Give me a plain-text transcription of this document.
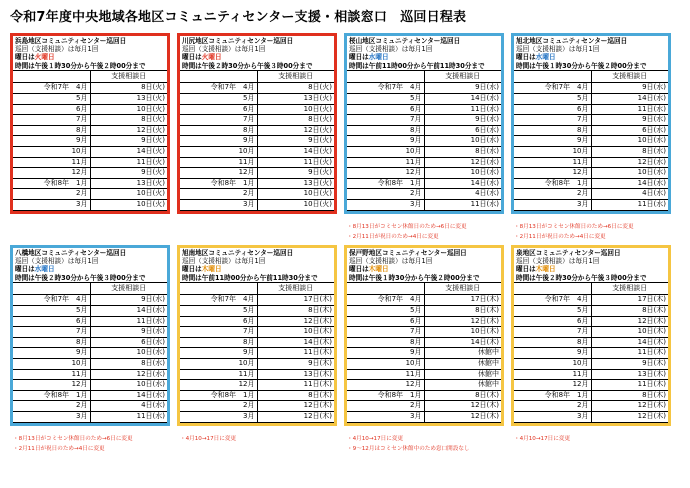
令和7年度中央地域各地区コミュニティセンター支援・相談窓口　巡回日程表
浜島地区コミュニティセンター巡回日
巡回（支援相談）は毎月1回
曜日は火曜日
時間は午後１時30分から午後２時00分まで
	支援相談日
令和7年　4月	8日(火)
5月	13日(火)
6月	10日(火)
7月	8日(火)
8月	12日(火)
9月	9日(火)
10月	14日(火)
11月	11日(火)
12月	9日(火)
令和8年　1月	13日(火)
2月	10日(火)
3月	10日(火)
川尻地区コミュニティセンター巡回日
巡回（支援相談）は毎月1回
曜日は火曜日
時間は午後２時30分から午後３時00分まで
	支援相談日
令和7年　4月	8日(火)
5月	13日(火)
6月	10日(火)
7月	8日(火)
8月	12日(火)
9月	9日(火)
10月	14日(火)
11月	11日(火)
12月	9日(火)
令和8年　1月	13日(火)
2月	10日(火)
3月	10日(火)
桜山地区コミュニティセンター巡回日
巡回（支援相談）は毎月1回
曜日は水曜日
時間は午前11時00分から午前11時30分まで
	支援相談日
令和7年　4月	9日(水)
5月	14日(水)
6月	11日(水)
7月	9日(水)
8月	6日(水)
9月	10日(水)
10月	8日(水)
11月	12日(水)
12月	10日(水)
令和8年　1月	14日(水)
2月	4日(水)
3月	11日(水)
・8月13日がコミセン休館日のため→6日に変更
・2月11日が祝日のため→4日に変更
旭北地区コミュニティセンター巡回日
巡回（支援相談）は毎月1回
曜日は水曜日
時間は午後１時30分から午後２時00分まで
	支援相談日
令和7年　4月	9日(水)
5月	14日(水)
6月	11日(水)
7月	9日(水)
8月	6日(水)
9月	10日(水)
10月	8日(水)
11月	12日(水)
12月	10日(水)
令和8年　1月	14日(水)
2月	4日(水)
3月	11日(水)
・8月13日がコミセン休館日のため→6日に変更
・2月11日が祝日のため→4日に変更
八橋地区コミュニティセンター巡回日
巡回（支援相談）は毎月1回
曜日は水曜日
時間は午後２時30分から午後３時00分まで
	支援相談日
令和7年　4月	9日(水)
5月	14日(水)
6月	11日(水)
7月	9日(水)
8月	6日(水)
9月	10日(水)
10月	8日(水)
11月	12日(水)
12月	10日(水)
令和8年　1月	14日(水)
2月	4日(水)
3月	11日(水)
・8月13日がコミセン休館日のため→6日に変更
・2月11日が祝日のため→4日に変更
旭南地区コミュニティセンター巡回日
巡回（支援相談）は毎月1回
曜日は木曜日
時間は午前11時00分から午前11時30分まで
	支援相談日
令和7年　4月	17日(木)
5月	8日(木)
6月	12日(木)
7月	10日(木)
8月	14日(木)
9月	11日(木)
10月	9日(木)
11月	13日(木)
12月	11日(木)
令和8年　1月	8日(木)
2月	12日(木)
3月	12日(木)
・4月10→17日に変更
保戸野地区コミュニティセンター巡回日
巡回（支援相談）は毎月1回
曜日は木曜日
時間は午後１時30分から午後２時00分まで
	支援相談日
令和7年　4月	17日(木)
5月	8日(木)
6月	12日(木)
7月	10日(木)
8月	14日(木)
9月	休館中
10月	休館中
11月	休館中
12月	休館中
令和8年　1月	8日(木)
2月	12日(木)
3月	12日(木)
・4月10→17日に変更
・9～12月はコミセン休館中のため窓口開設なし
泉地区コミュニティセンター巡回日
巡回（支援相談）は毎月1回
曜日は木曜日
時間は午後２時30分から午後３時00分まで
	支援相談日
令和7年　4月	17日(木)
5月	8日(木)
6月	12日(木)
7月	10日(木)
8月	14日(木)
9月	11日(木)
10月	9日(木)
11月	13日(木)
12月	11日(木)
令和8年　1月	8日(木)
2月	12日(木)
3月	12日(木)
・4月10→17日に変更
